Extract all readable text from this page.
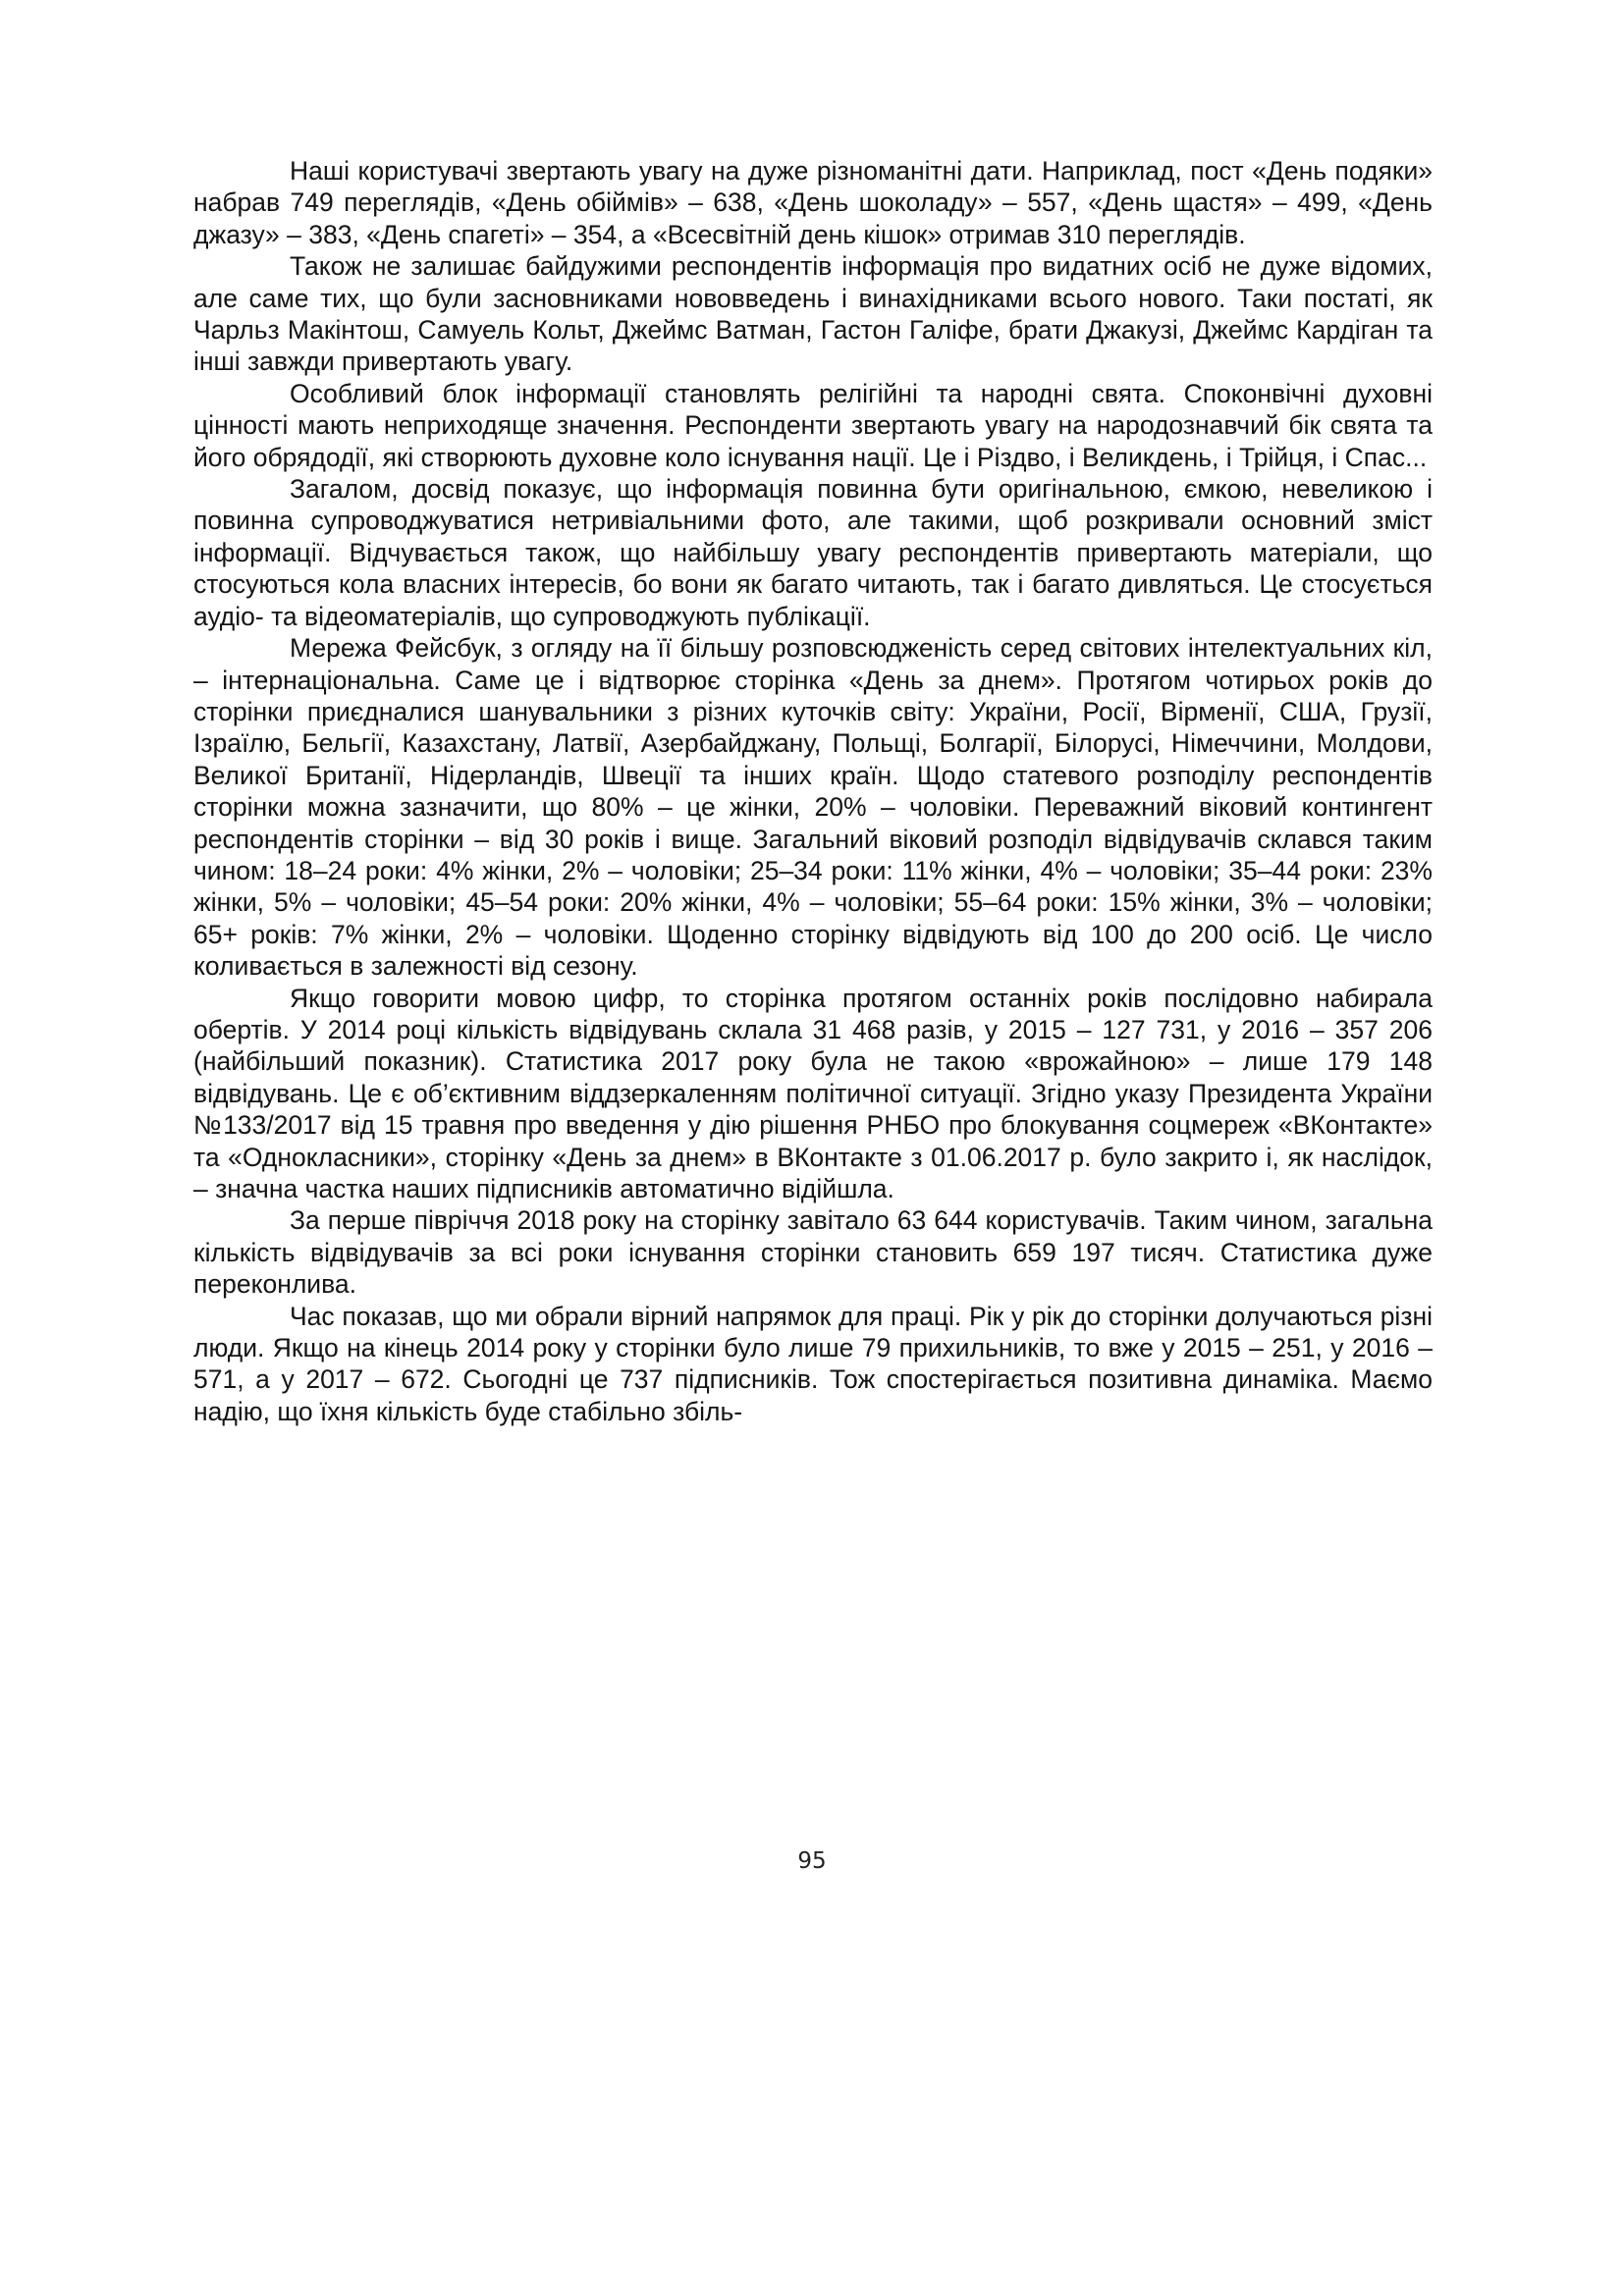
Наші користувачі звертають увагу на дуже різноманітні дати. Наприклад, пост «День подяки» набрав 749 переглядів, «День обіймів» – 638, «День шоколаду» – 557, «День щастя» – 499, «День джазу» – 383, «День спагеті» – 354, а «Всесвітній день кішок» отримав 310 переглядів.

Також не залишає байдужими респондентів інформація про видатних осіб не дуже відомих, але саме тих, що були засновниками нововведень і винахідниками всього нового. Таки постаті, як Чарльз Макінтош, Самуель Кольт, Джеймс Ватман, Гастон Галіфе, брати Джакузі, Джеймс Кардіган та інші завжди привертають увагу.

Особливий блок інформації становлять релігійні та народні свята. Споконвічні духовні цінності мають неприходяще значення. Респонденти звертають увагу на народознавчий бік свята та його обрядодії, які створюють духовне коло існування нації. Це і Різдво, і Великдень, і Трійця, і Спас...

Загалом, досвід показує, що інформація повинна бути оригінальною, ємкою, невеликою і повинна супроводжуватися нетривіальними фото, але такими, щоб розкривали основний зміст інформації. Відчувається також, що найбільшу увагу респондентів привертають матеріали, що стосуються кола власних інтересів, бо вони як багато читають, так і багато дивляться. Це стосується аудіо- та відеоматеріалів, що супроводжують публікації.

Мережа Фейсбук, з огляду на її більшу розповсюдженість серед світових інтелектуальних кіл, – інтернаціональна. Саме це і відтворює сторінка «День за днем». Протягом чотирьох років до сторінки приєдналися шанувальники з різних куточків світу: України, Росії, Вірменії, США, Грузії, Ізраїлю, Бельгії, Казахстану, Латвії, Азербайджану, Польщі, Болгарії, Білорусі, Німеччини, Молдови, Великої Британії, Нідерландів, Швеції та інших країн. Щодо статевого розподілу респондентів сторінки можна зазначити, що 80% – це жінки, 20% – чоловіки. Переважний віковий контингент респондентів сторінки – від 30 років і вище. Загальний віковий розподіл відвідувачів склався таким чином: 18–24 роки: 4% жінки, 2% – чоловіки; 25–34 роки: 11% жінки, 4% – чоловіки; 35–44 роки: 23% жінки, 5% – чоловіки; 45–54 роки: 20% жінки, 4% – чоловіки; 55–64 роки: 15% жінки, 3% – чоловіки; 65+ років: 7% жінки, 2% – чоловіки. Щоденно сторінку відвідують від 100 до 200 осіб. Це число коливається в залежності від сезону.

Якщо говорити мовою цифр, то сторінка протягом останніх років послідовно набирала обертів. У 2014 році кількість відвідувань склала 31 468 разів, у 2015 – 127 731, у 2016 – 357 206 (найбільший показник). Статистика 2017 року була не такою «врожайною» – лише 179 148 відвідувань. Це є об’єктивним віддзеркаленням політичної ситуації. Згідно указу Президента України №133/2017 від 15 травня про введення у дію рішення РНБО про блокування соцмереж «ВКонтакте» та «Однокласники», сторінку «День за днем» в ВКонтакте з 01.06.2017 р. було закрито і, як наслідок, – значна частка наших підписників автоматично відійшла.

За перше півріччя 2018 року на сторінку завітало 63 644 користувачів. Таким чином, загальна кількість відвідувачів за всі роки існування сторінки становить 659 197 тисяч. Статистика дуже переконлива.

Час показав, що ми обрали вірний напрямок для праці. Рік у рік до сторінки долучаються різні люди. Якщо на кінець 2014 року у сторінки було лише 79 прихильників, то вже у 2015 – 251, у 2016 – 571, а у 2017 – 672. Сьогодні це 737 підписників. Тож спостерігається позитивна динаміка. Маємо надію, що їхня кількість буде стабільно збіль-

95
